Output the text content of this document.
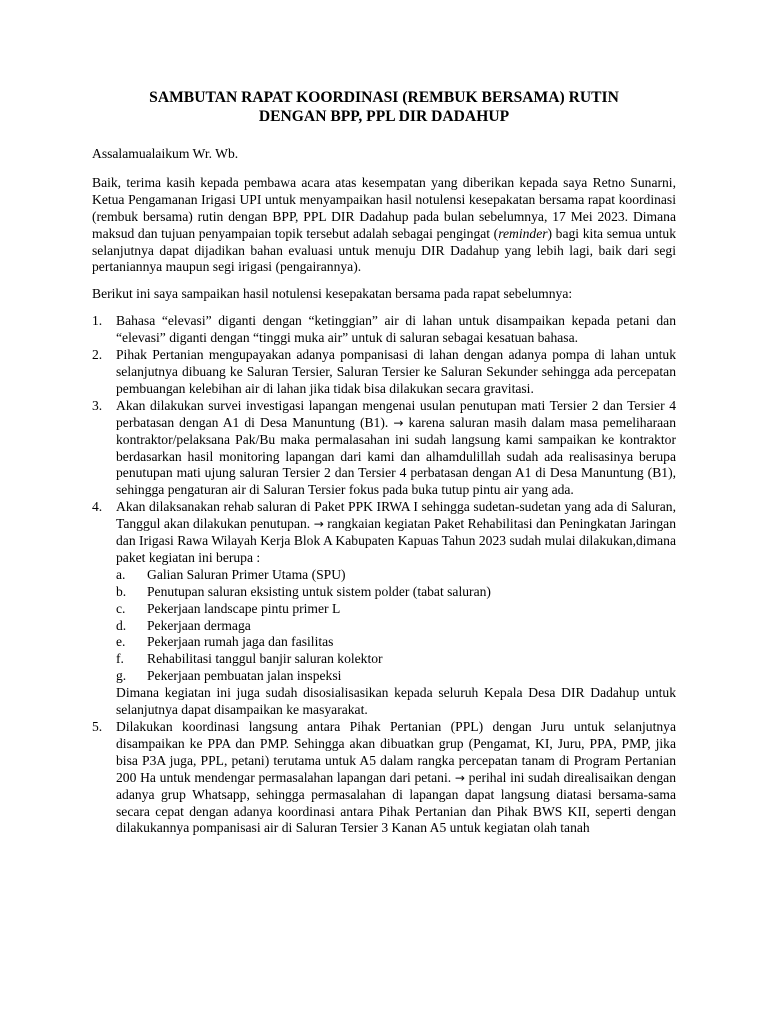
SAMBUTAN RAPAT KOORDINASI (REMBUK BERSAMA) RUTIN
DENGAN BPP, PPL DIR DADAHUP

Assalamualaikum Wr. Wb.

Baik, terima kasih kepada pembawa acara atas kesempatan yang diberikan kepada saya Retno Sunarni, Ketua Pengamanan Irigasi UPI untuk menyampaikan hasil notulensi kesepakatan bersama rapat koordinasi (rembuk bersama) rutin dengan BPP, PPL DIR Dadahup pada bulan sebelumnya, 17 Mei 2023. Dimana maksud dan tujuan penyampaian topik tersebut adalah sebagai pengingat (reminder) bagi kita semua untuk selanjutnya dapat dijadikan bahan evaluasi untuk menuju DIR Dadahup yang lebih lagi, baik dari segi pertaniannya maupun segi irigasi (pengairannya).

Berikut ini saya sampaikan hasil notulensi kesepakatan bersama pada rapat sebelumnya:

1. Bahasa “elevasi” diganti dengan “ketinggian” air di lahan untuk disampaikan kepada petani dan “elevasi” diganti dengan “tinggi muka air” untuk di saluran sebagai kesatuan bahasa.
2. Pihak Pertanian mengupayakan adanya pompanisasi di lahan dengan adanya pompa di lahan untuk selanjutnya dibuang ke Saluran Tersier, Saluran Tersier ke Saluran Sekunder sehingga ada percepatan pembuangan kelebihan air di lahan jika tidak bisa dilakukan secara gravitasi.
3. Akan dilakukan survei investigasi lapangan mengenai usulan penutupan mati Tersier 2 dan Tersier 4 perbatasan dengan A1 di Desa Manuntung (B1). → karena saluran masih dalam masa pemeliharaan kontraktor/pelaksana Pak/Bu maka permalasahan ini sudah langsung kami sampaikan ke kontraktor berdasarkan hasil monitoring lapangan dari kami dan alhamdulillah sudah ada realisasinya berupa penutupan mati ujung saluran Tersier 2 dan Tersier 4 perbatasan dengan A1 di Desa Manuntung (B1), sehingga pengaturan air di Saluran Tersier fokus pada buka tutup pintu air yang ada.
4. Akan dilaksanakan rehab saluran di Paket PPK IRWA I sehingga sudetan-sudetan yang ada di Saluran, Tanggul akan dilakukan penutupan. → rangkaian kegiatan Paket Rehabilitasi dan Peningkatan Jaringan dan Irigasi Rawa Wilayah Kerja Blok A Kabupaten Kapuas Tahun 2023 sudah mulai dilakukan,dimana paket kegiatan ini berupa :
a. Galian Saluran Primer Utama (SPU)
b. Penutupan saluran eksisting untuk sistem polder (tabat saluran)
c. Pekerjaan landscape pintu primer L
d. Pekerjaan dermaga
e. Pekerjaan rumah jaga dan fasilitas
f. Rehabilitasi tanggul banjir saluran kolektor
g. Pekerjaan pembuatan jalan inspeksi
Dimana kegiatan ini juga sudah disosialisasikan kepada seluruh Kepala Desa DIR Dadahup untuk selanjutnya dapat disampaikan ke masyarakat.
5. Dilakukan koordinasi langsung antara Pihak Pertanian (PPL) dengan Juru untuk selanjutnya disampaikan ke PPA dan PMP. Sehingga akan dibuatkan grup (Pengamat, KI, Juru, PPA, PMP, jika bisa P3A juga, PPL, petani) terutama untuk A5 dalam rangka percepatan tanam di Program Pertanian 200 Ha untuk mendengar permasalahan lapangan dari petani. → perihal ini sudah direalisaikan dengan adanya grup Whatsapp, sehingga permasalahan di lapangan dapat langsung diatasi bersama-sama secara cepat dengan adanya koordinasi antara Pihak Pertanian dan Pihak BWS KII, seperti dengan dilakukannya pompanisasi air di Saluran Tersier 3 Kanan A5 untuk kegiatan olah tanah
